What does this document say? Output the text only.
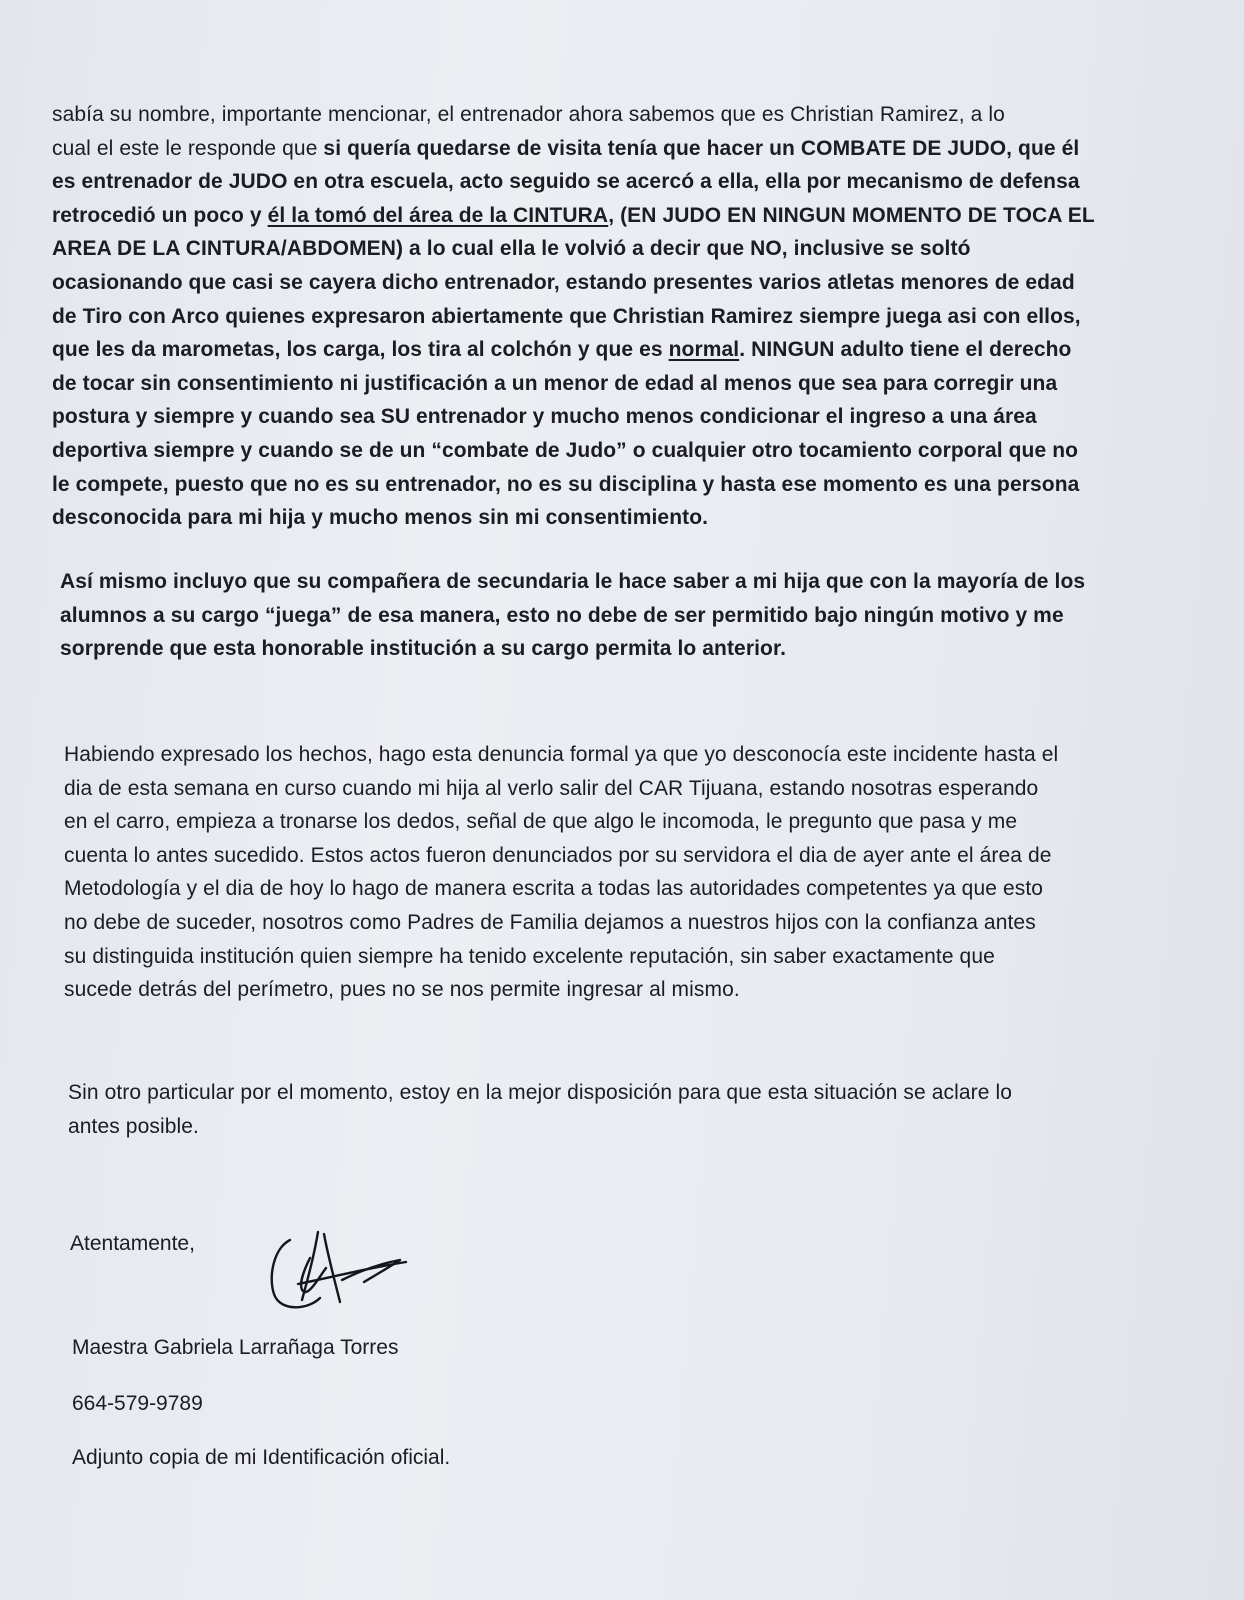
sabía su nombre, importante mencionar, el entrenador ahora sabemos que es Christian Ramirez, a lo
cual el este le responde que si quería quedarse de visita tenía que hacer un COMBATE DE JUDO, que él
es entrenador de JUDO en otra escuela, acto seguido se acercó a ella, ella por mecanismo de defensa
retrocedió un poco y él la tomó del área de la CINTURA, (EN JUDO EN NINGUN MOMENTO DE TOCA EL
AREA DE LA CINTURA/ABDOMEN) a lo cual ella le volvió a decir que NO, inclusive se soltó
ocasionando que casi se cayera dicho entrenador, estando presentes varios atletas menores de edad
de Tiro con Arco quienes expresaron abiertamente que Christian Ramirez siempre juega asi con ellos,
que les da marometas, los carga, los tira al colchón y que es normal. NINGUN adulto tiene el derecho
de tocar sin consentimiento ni justificación a un menor de edad al menos que sea para corregir una
postura y siempre y cuando sea SU entrenador y mucho menos condicionar el ingreso a una área
deportiva siempre y cuando se de un “combate de Judo” o cualquier otro tocamiento corporal que no
le compete, puesto que no es su entrenador, no es su disciplina y hasta ese momento es una persona
desconocida para mi hija y mucho menos sin mi consentimiento.

Así mismo incluyo que su compañera de secundaria le hace saber a mi hija que con la mayoría de los
alumnos a su cargo “juega” de esa manera, esto no debe de ser permitido bajo ningún motivo y me
sorprende que esta honorable institución a su cargo permita lo anterior.

Habiendo expresado los hechos, hago esta denuncia formal ya que yo desconocía este incidente hasta el
dia de esta semana en curso cuando mi hija al verlo salir del CAR Tijuana, estando nosotras esperando
en el carro, empieza a tronarse los dedos, señal de que algo le incomoda, le pregunto que pasa y me
cuenta lo antes sucedido. Estos actos fueron denunciados por su servidora el dia de ayer ante el área de
Metodología y el dia de hoy lo hago de manera escrita a todas las autoridades competentes ya que esto
no debe de suceder, nosotros como Padres de Familia dejamos a nuestros hijos con la confianza antes
su distinguida institución quien siempre ha tenido excelente reputación, sin saber exactamente que
sucede detrás del perímetro, pues no se nos permite ingresar al mismo.

Sin otro particular por el momento, estoy en la mejor disposición para que esta situación se aclare lo
antes posible.

Atentamente,
Maestra Gabriela Larrañaga Torres
664-579-9789
Adjunto copia de mi Identificación oficial.
